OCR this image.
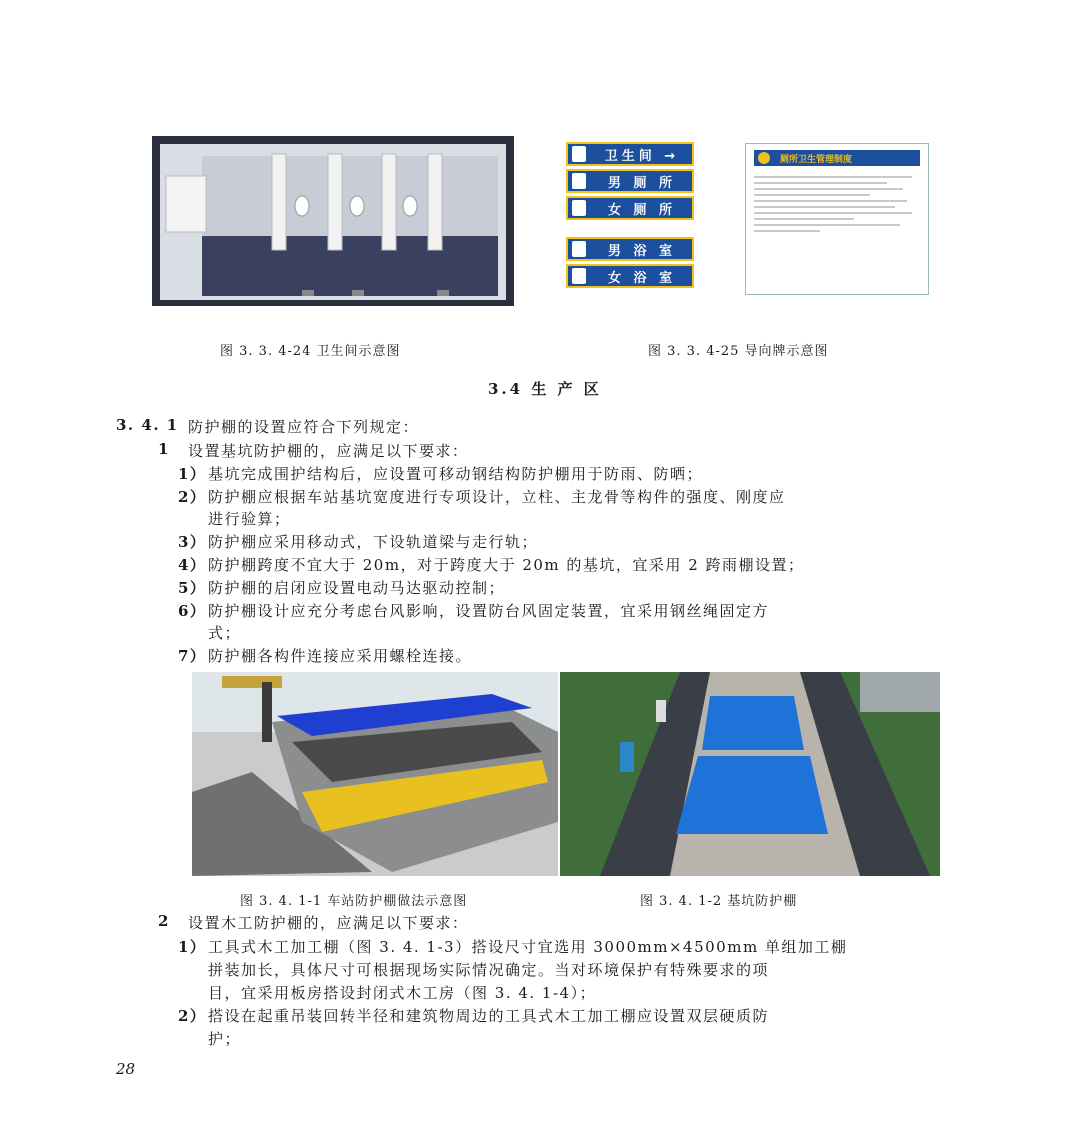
卫生间 →
男 厕 所
女 厕 所
男 浴 室
女 浴 室
厕所卫生管理制度
图 3. 3. 4-24 卫生间示意图	图 3. 3. 4-25 导向牌示意图
3.4 生 产 区
3. 4. 1 防护棚的设置应符合下列规定：
1 设置基坑防护棚的，应满足以下要求：
1） 基坑完成围护结构后，应设置可移动钢结构防护棚用于防雨、防晒；
2） 防护棚应根据车站基坑宽度进行专项设计，立柱、主龙骨等构件的强度、刚度应
进行验算；
3） 防护棚应采用移动式，下设轨道梁与走行轨；
4） 防护棚跨度不宜大于 20m，对于跨度大于 20m 的基坑，宜采用 2 跨雨棚设置；
5） 防护棚的启闭应设置电动马达驱动控制；
6） 防护棚设计应充分考虑台风影响，设置防台风固定装置，宜采用钢丝绳固定方
式；
7） 防护棚各构件连接应采用螺栓连接。
图 3. 4. 1-1 车站防护棚做法示意图	图 3. 4. 1-2 基坑防护棚
2 设置木工防护棚的，应满足以下要求：
1） 工具式木工加工棚（图 3. 4. 1-3）搭设尺寸宜选用 3000mm×4500mm 单组加工棚
拼装加长，具体尺寸可根据现场实际情况确定。当对环境保护有特殊要求的项
目，宜采用板房搭设封闭式木工房（图 3. 4. 1-4）；
2） 搭设在起重吊装回转半径和建筑物周边的工具式木工加工棚应设置双层硬质防
护；
28
